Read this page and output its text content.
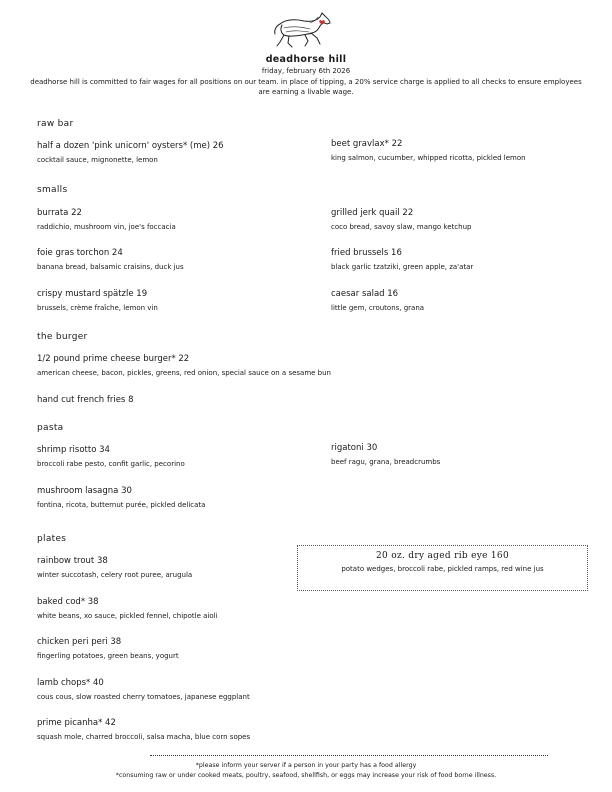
deadhorse hill
friday, february 6th 2026
deadhorse hill is committed to fair wages for all positions on our team. in place of tipping, a 20% service charge is applied to all checks to ensure employees are earning a livable wage.
raw bar
half a dozen 'pink unicorn' oysters* (me) 26
cocktail sauce, mignonette, lemon
beet gravlax* 22
king salmon, cucumber, whipped ricotta, pickled lemon
smalls
burrata 22
raddichio, mushroom vin, joe's foccacia
grilled jerk quail 22
coco bread, savoy slaw, mango ketchup
foie gras torchon 24
banana bread, balsamic craisins, duck jus
fried brussels 16
black garlic tzatziki, green apple, za'atar
crispy mustard spätzle 19
brussels, crème fraîche, lemon vin
caesar salad 16
little gem, croutons, grana
the burger
1/2 pound prime cheese burger* 22
american cheese, bacon, pickles, greens, red onion, special sauce on a sesame bun
hand cut french fries 8
pasta
shrimp risotto 34
broccoli rabe pesto, confit garlic, pecorino
rigatoni 30
beef ragu, grana, breadcrumbs
mushroom lasagna 30
fontina, ricota, butternut purée, pickled delicata
plates
rainbow trout 38
winter succotash, celery root puree, arugula
baked cod* 38
white beans, xo sauce, pickled fennel, chipotle aioli
chicken peri peri 38
fingerling potatoes, green beans, yogurt
lamb chops* 40
cous cous, slow roasted cherry tomatoes, japanese eggplant
prime picanha* 42
squash mole, charred broccoli, salsa macha, blue corn sopes
20 oz. dry aged rib eye 160
potato wedges, broccoli rabe, pickled ramps, red wine jus
*please inform your server if a person in your party has a food allergy
*consuming raw or under cooked meats, poultry, seafood, shellfish, or eggs may increase your risk of food borne illness.
